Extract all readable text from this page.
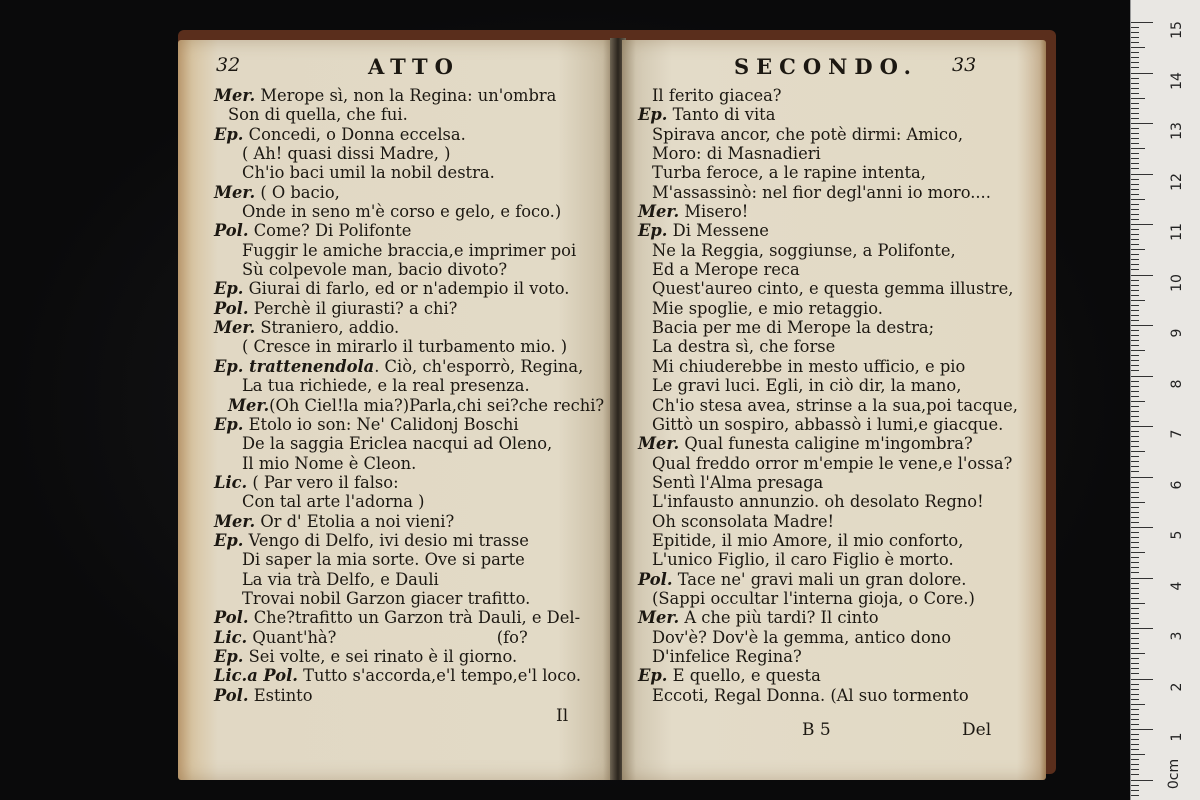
32	ATTO
Mer. Merope sì, non la Regina: un'ombra
Son di quella, che fui.
Ep. Concedi, o Donna eccelsa.
( Ah! quasi dissi Madre, )
Ch'io baci umil la nobil destra.
Mer. ( O bacio,
Onde in seno m'è corso e gelo, e foco.)
Pol. Come? Di Polifonte
Fuggir le amiche braccia,e imprimer poi
Sù colpevole man, bacio divoto?
Ep. Giurai di farlo, ed or n'adempio il voto.
Pol. Perchè il giurasti? a chi?
Mer. Straniero, addio.
( Cresce in mirarlo il turbamento mio. )
Ep. trattenendola. Ciò, ch'esporrò, Regina,
La tua richiede, e la real presenza.
Mer.(Oh Ciel!la mia?)Parla,chi sei?che rechi?
Ep. Etolo io son: Ne' Calidonj Boschi
De la saggia Ericlea nacqui ad Oleno,
Il mio Nome è Cleon.
Lic. ( Par vero il falso:
Con tal arte l'adorna )
Mer. Or d' Etolia a noi vieni?
Ep. Vengo di Delfo, ivi desio mi trasse
Di saper la mia sorte. Ove si parte
La via trà Delfo, e Dauli
Trovai nobil Garzon giacer trafitto.
Pol. Che?trafitto un Garzon trà Dauli, e Del-
Lic. Quant'hà?                               (fo?
Ep. Sei volte, e sei rinato è il giorno.
Lic.a Pol. Tutto s'accorda,e'l tempo,e'l loco.
Pol. Estinto
Il
SECONDO. 33
Il ferito giacea?
Ep. Tanto di vita
Spirava ancor, che potè dirmi: Amico,
Moro: di Masnadieri
Turba feroce, a le rapine intenta,
M'assassinò: nel fior degl'anni io moro....
Mer. Misero!
Ep. Di Messene
Ne la Reggia, soggiunse, a Polifonte,
Ed a Merope reca
Quest'aureo cinto, e questa gemma illustre,
Mie spoglie, e mio retaggio.
Bacia per me di Merope la destra;
La destra sì, che forse
Mi chiuderebbe in mesto ufficio, e pio
Le gravi luci. Egli, in ciò dir, la mano,
Ch'io stesa avea, strinse a la sua,poi tacque,
Gittò un sospiro, abbassò i lumi,e giacque.
Mer. Qual funesta caligine m'ingombra?
Qual freddo orror m'empie le vene,e l'ossa?
Sentì l'Alma presaga
L'infausto annunzio. oh desolato Regno!
Oh sconsolata Madre!
Epitide, il mio Amore, il mio conforto,
L'unico Figlio, il caro Figlio è morto.
Pol. Tace ne' gravi mali un gran dolore.
(Sappi occultar l'interna gioja, o Core.)
Mer. A che più tardi? Il cinto
Dov'è? Dov'è la gemma, antico dono
D'infelice Regina?
Ep. E quello, e questa
Eccoti, Regal Donna. (Al suo tormento
B 5	Del
0cm
15
14
13
12
11
10
9
8
7
6
5
4
3
2
1
